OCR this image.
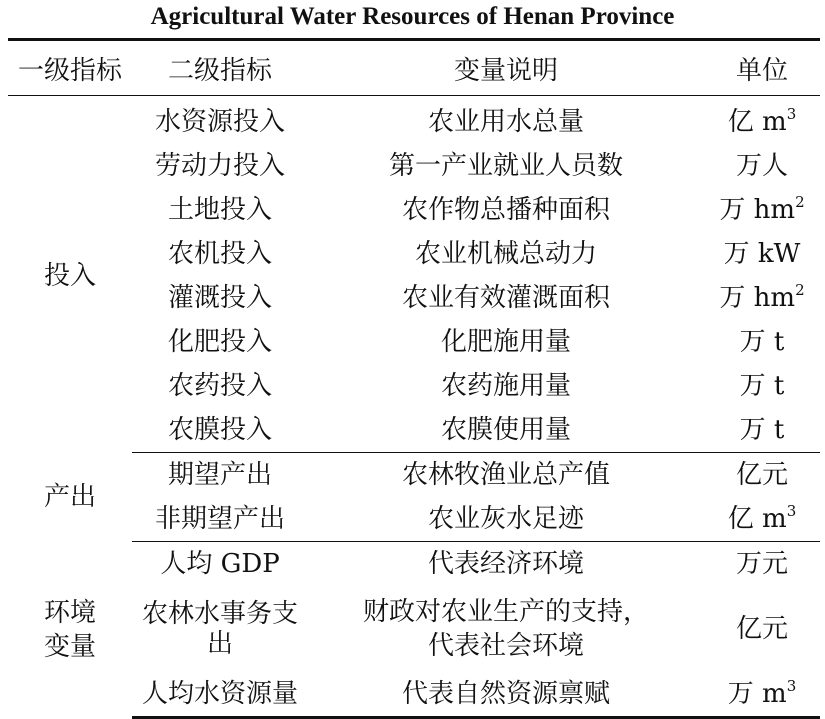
Agricultural Water Resources of Henan Province
一级指标	二级指标	变量说明	单位
投入	水资源投入	农业用水总量	亿 $m^3$
	劳动力投入	第一产业就业人员数	万人
	土地投入	农作物总播种面积	万 $hm^2$
	农机投入	农业机械总动力	万 kW
	灌溉投入	农业有效灌溉面积	万 $hm^2$
	化肥投入	化肥施用量	万 t
	农药投入	农药施用量	万 t
	农膜投入	农膜使用量	万 t
产出	期望产出	农林牧渔业总产值	亿元
	非期望产出	农业灰水足迹	亿 $m^3$

环境变量	人均 GDP	代表经济环境	万元
	农林水事务支出	财政对农业生产的支持，代表社会环境	亿元
	人均水资源量	代表自然资源禀赋	万 $m^3$
